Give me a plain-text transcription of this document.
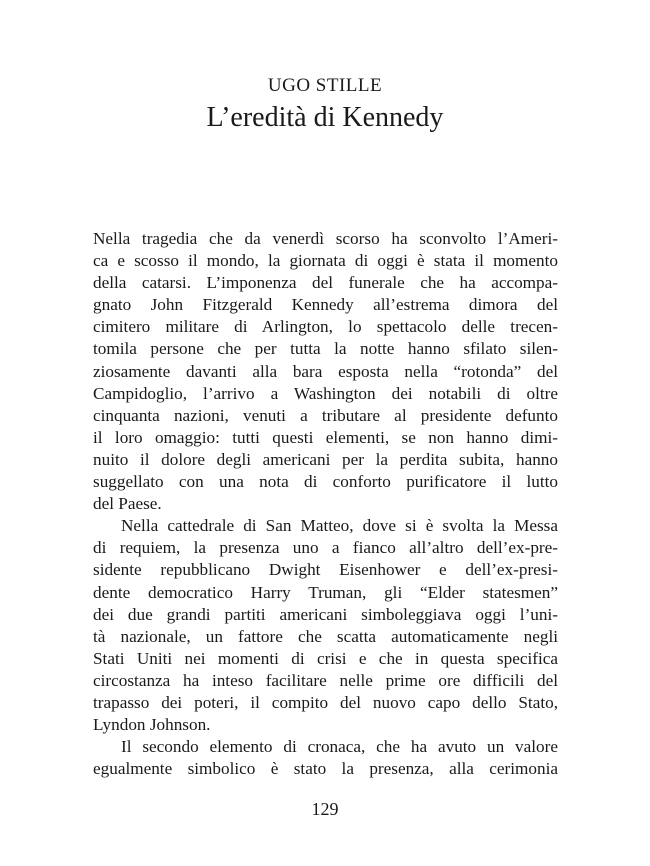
UGO STILLE
L’eredità di Kennedy

Nella tragedia che da venerdì scorso ha sconvolto l’Ameri-
ca e scosso il mondo, la giornata di oggi è stata il momento
della catarsi. L’imponenza del funerale che ha accompa-
gnato John Fitzgerald Kennedy all’estrema dimora del
cimitero militare di Arlington, lo spettacolo delle trecen-
tomila persone che per tutta la notte hanno sfilato silen-
ziosamente davanti alla bara esposta nella “rotonda” del
Campidoglio, l’arrivo a Washington dei notabili di oltre
cinquanta nazioni, venuti a tributare al presidente defunto
il loro omaggio: tutti questi elementi, se non hanno dimi-
nuito il dolore degli americani per la perdita subita, hanno
suggellato con una nota di conforto purificatore il lutto
del Paese.

Nella cattedrale di San Matteo, dove si è svolta la Messa
di requiem, la presenza uno a fianco all’altro dell’ex-pre-
sidente repubblicano Dwight Eisenhower e dell’ex-presi-
dente democratico Harry Truman, gli “Elder statesmen”
dei due grandi partiti americani simboleggiava oggi l’uni-
tà nazionale, un fattore che scatta automaticamente negli
Stati Uniti nei momenti di crisi e che in questa specifica
circostanza ha inteso facilitare nelle prime ore difficili del
trapasso dei poteri, il compito del nuovo capo dello Stato,
Lyndon Johnson.

Il secondo elemento di cronaca, che ha avuto un valore
egualmente simbolico è stato la presenza, alla cerimonia

129
